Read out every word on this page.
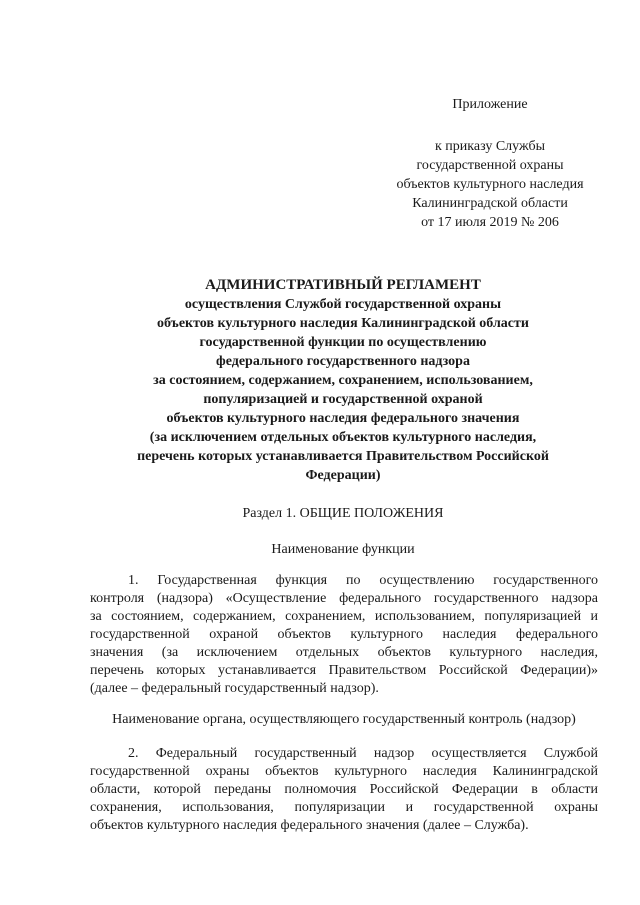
Приложение
к приказу Службы
государственной охраны
объектов культурного наследия
Калининградской области
от 17 июля 2019 № 206
АДМИНИСТРАТИВНЫЙ РЕГЛАМЕНТ
осуществления Службой государственной охраны
объектов культурного наследия Калининградской области
государственной функции по осуществлению
федерального государственного надзора
за состоянием, содержанием, сохранением, использованием,
популяризацией и государственной охраной
объектов культурного наследия федерального значения
(за исключением отдельных объектов культурного наследия,
перечень которых устанавливается Правительством Российской
Федерации)
Раздел 1. ОБЩИЕ ПОЛОЖЕНИЯ
Наименование функции
1. Государственная функция по осуществлению государственного
контроля (надзора) «Осуществление федерального государственного надзора
за состоянием, содержанием, сохранением, использованием, популяризацией и
государственной охраной объектов культурного наследия федерального
значения (за исключением отдельных объектов культурного наследия,
перечень которых устанавливается Правительством Российской Федерации)»
(далее – федеральный государственный надзор).
Наименование органа, осуществляющего государственный контроль (надзор)
2. Федеральный государственный надзор осуществляется Службой
государственной охраны объектов культурного наследия Калининградской
области, которой переданы полномочия Российской Федерации в области
сохранения, использования, популяризации и государственной охраны
объектов культурного наследия федерального значения (далее – Служба).
